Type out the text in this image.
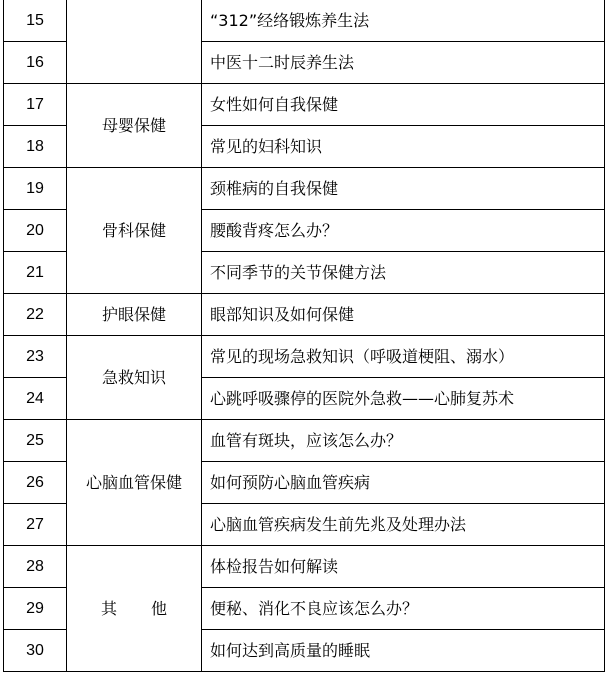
15		“312”经络锻炼养生法
16		中医十二时辰养生法
17	母婴保健	女性如何自我保健
18		常见的妇科知识
19	骨科保健	颈椎病的自我保健
20		腰酸背疼怎么办？
21		不同季节的关节保健方法
22	护眼保健	眼部知识及如何保健
23	急救知识	常见的现场急救知识（呼吸道梗阻、溺水）
24		心跳呼吸骤停的医院外急救——心肺复苏术
25	心脑血管保健	血管有斑块，应该怎么办？
26		如何预防心脑血管疾病
27		心脑血管疾病发生前先兆及处理办法
28	其 他	体检报告如何解读
29		便秘、消化不良应该怎么办？
30		如何达到高质量的睡眠
